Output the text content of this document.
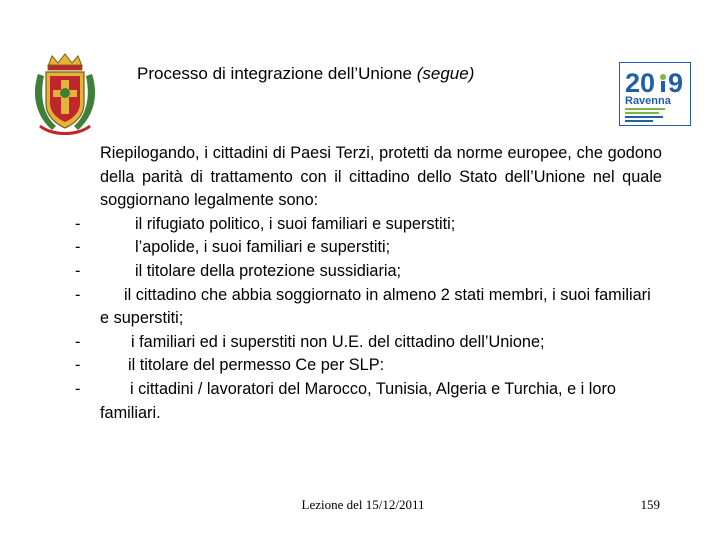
Processo di integrazione dell’Unione (segue)	20 9
Ravenna

Riepilogando, i cittadini di Paesi Terzi, protetti da norme europee, che godono della parità di trattamento con il cittadino dello Stato dell’Unione nel quale soggiornano legalmente sono:

-	il rifugiato politico, i suoi familiari e superstiti;
-	l’apolide, i suoi familiari e superstiti;
-	il titolare della protezione sussidiaria;
-	il cittadino che abbia soggiornato in almeno 2 stati membri, i suoi familiari e superstiti;
-	i familiari ed i superstiti non U.E. del cittadino dell’Unione;
-	il titolare del permesso Ce per SLP:
-	i cittadini / lavoratori del Marocco, Tunisia, Algeria e Turchia, e i loro familiari.
Lezione del 15/12/2011	159
